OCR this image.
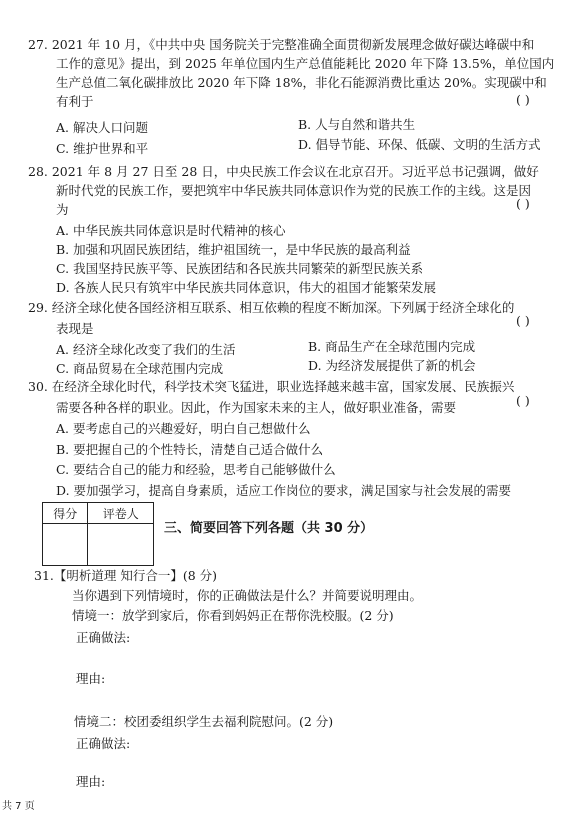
27. 2021 年 10 月，《中共中央 国务院关于完整准确全面贯彻新发展理念做好碳达峰碳中和
工作的意见》提出，到 2025 年单位国内生产总值能耗比 2020 年下降 13.5%，单位国内
生产总值二氧化碳排放比 2020 年下降 18%，非化石能源消费比重达 20%。实现碳中和
有利于	( )
A. 解决人口问题	B. 人与自然和谐共生
C. 维护世界和平	D. 倡导节能、环保、低碳、文明的生活方式
28. 2021 年 8 月 27 日至 28 日，中央民族工作会议在北京召开。习近平总书记强调，做好
新时代党的民族工作，要把筑牢中华民族共同体意识作为党的民族工作的主线。这是因
为	( )
A. 中华民族共同体意识是时代精神的核心
B. 加强和巩固民族团结，维护祖国统一，是中华民族的最高利益
C. 我国坚持民族平等、民族团结和各民族共同繁荣的新型民族关系
D. 各族人民只有筑牢中华民族共同体意识，伟大的祖国才能繁荣发展
29. 经济全球化使各国经济相互联系、相互依赖的程度不断加深。下列属于经济全球化的
表现是
( )
A. 经济全球化改变了我们的生活	B. 商品生产在全球范围内完成
C. 商品贸易在全球范围内完成	D. 为经济发展提供了新的机会
30. 在经济全球化时代，科学技术突飞猛进，职业选择越来越丰富，国家发展、民族振兴
需要各种各样的职业。因此，作为国家未来的主人，做好职业准备，需要	( )
A. 要考虑自己的兴趣爱好，明白自己想做什么
B. 要把握自己的个性特长，清楚自己适合做什么
C. 要结合自己的能力和经验，思考自己能够做什么
D. 要加强学习，提高自身素质，适应工作岗位的要求，满足国家与社会发展的需要
得分	评卷人

三、简要回答下列各题（共 30 分）
31.【明析道理 知行合一】(8 分)
当你遇到下列情境时，你的正确做法是什么？并简要说明理由。
情境一：放学到家后，你看到妈妈正在帮你洗校服。(2 分)
正确做法:
理由:
情境二：校团委组织学生去福利院慰问。(2 分)
正确做法:
理由:
共 7 页
